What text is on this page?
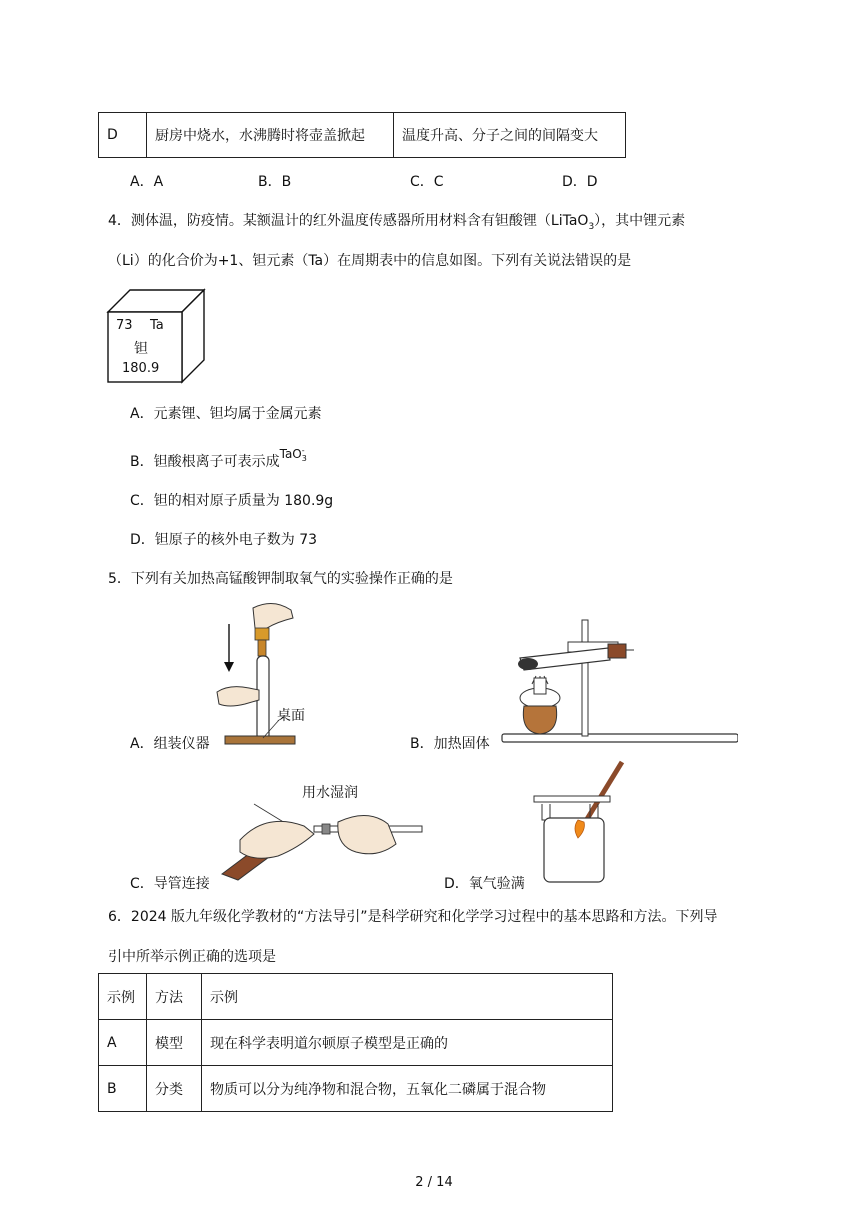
D	厨房中烧水，水沸腾时将壶盖掀起	温度升高、分子之间的间隔变大
A．A	B．B	C．C	D．D
4．测体温，防疫情。某额温计的红外温度传感器所用材料含有钽酸锂（LiTaO$_3$），其中锂元素
（Li）的化合价为+1、钽元素（Ta）在周期表中的信息如图。下列有关说法错误的是
73 Ta
钽
180.9
A．元素锂、钽均属于金属元素
B．钽酸根离子可表示成TaO -
3
C．钽的相对原子质量为 180.9g
D．钽原子的核外电子数为 73
5．下列有关加热高锰酸钾制取氧气的实验操作正确的是
桌面
A．组装仪器	B．加热固体
用水湿润
C．导管连接	D．氧气验满
6．2024 版九年级化学教材的“方法导引”是科学研究和化学学习过程中的基本思路和方法。下列导
引中所举示例正确的选项是
示例	方法	示例
A	模型	现在科学表明道尔顿原子模型是正确的
B	分类	物质可以分为纯净物和混合物，五氧化二磷属于混合物
2 / 14
